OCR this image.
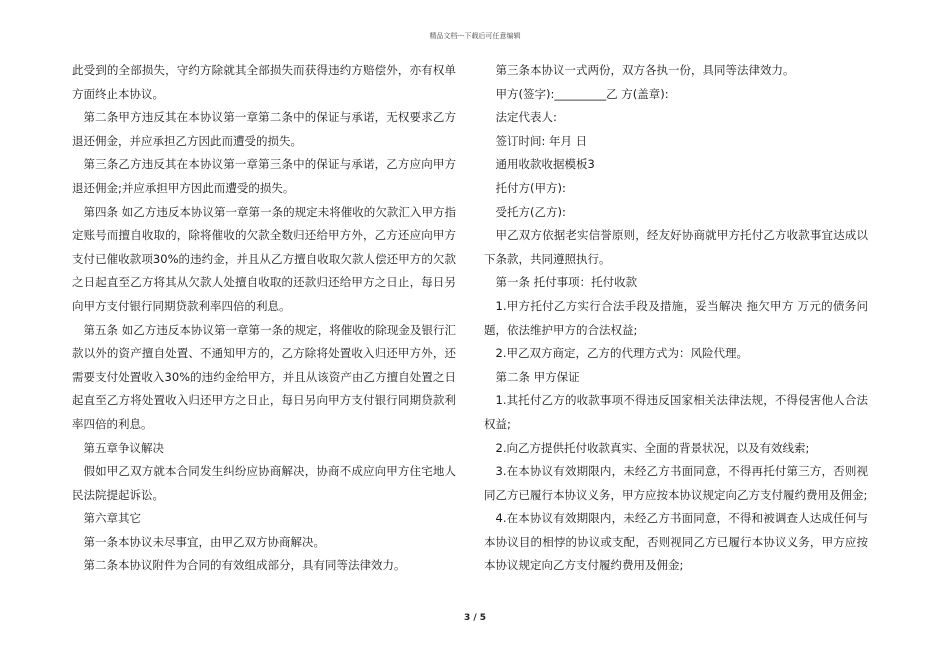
精品文档---下载后可任意编辑

此受到的全部损失，守约方除就其全部损失而获得违约方赔偿外，亦有权单方面终止本协议。

第二条甲方违反其在本协议第一章第二条中的保证与承诺，无权要求乙方退还佣金，并应承担乙方因此而遭受的损失。

第三条乙方违反其在本协议第一章第三条中的保证与承诺，乙方应向甲方退还佣金;并应承担甲方因此而遭受的损失。

第四条 如乙方违反本协议第一章第一条的规定未将催收的欠款汇入甲方指定账号而擅自收取的，除将催收的欠款全数归还给甲方外，乙方还应向甲方支付已催收款项30%的违约金，并且从乙方擅自收取欠款人偿还甲方的欠款之日起直至乙方将其从欠款人处擅自收取的还款归还给甲方之日止，每日另向甲方支付银行同期贷款利率四倍的利息。

第五条 如乙方违反本协议第一章第一条的规定，将催收的除现金及银行汇款以外的资产擅自处置、不通知甲方的，乙方除将处置收入归还甲方外，还需要支付处置收入30%的违约金给甲方，并且从该资产由乙方擅自处置之日起直至乙方将处置收入归还甲方之日止，每日另向甲方支付银行同期贷款利率四倍的利息。

第五章争议解决

假如甲乙双方就本合同发生纠纷应协商解决，协商不成应向甲方住宅地人民法院提起诉讼。

第六章其它

第一条本协议未尽事宜，由甲乙双方协商解决。

第二条本协议附件为合同的有效组成部分，具有同等法律效力。

第三条本协议一式两份，双方各执一份，具同等法律效力。

甲方(签字):_________乙 方(盖章):

法定代表人:

签订时间: 年月 日

通用收款收据模板3

托付方(甲方):

受托方(乙方):

甲乙双方依据老实信誉原则，经友好协商就甲方托付乙方收款事宜达成以下条款，共同遵照执行。

第一条 托付事项：托付收款

1.甲方托付乙方实行合法手段及措施，妥当解决 拖欠甲方 万元的债务问题，依法维护甲方的合法权益;

2.甲乙双方商定，乙方的代理方式为：风险代理。

第二条 甲方保证

1.其托付乙方的收款事项不得违反国家相关法律法规，不得侵害他人合法权益;

2.向乙方提供托付收款真实、全面的背景状况，以及有效线索;

3.在本协议有效期限内，未经乙方书面同意，不得再托付第三方，否则视同乙方已履行本协议义务，甲方应按本协议规定向乙方支付履约费用及佣金;

4.在本协议有效期限内，未经乙方书面同意，不得和被调查人达成任何与本协议目的相悖的协议或支配，否则视同乙方已履行本协议义务，甲方应按本协议规定向乙方支付履约费用及佣金;

3 / 5
